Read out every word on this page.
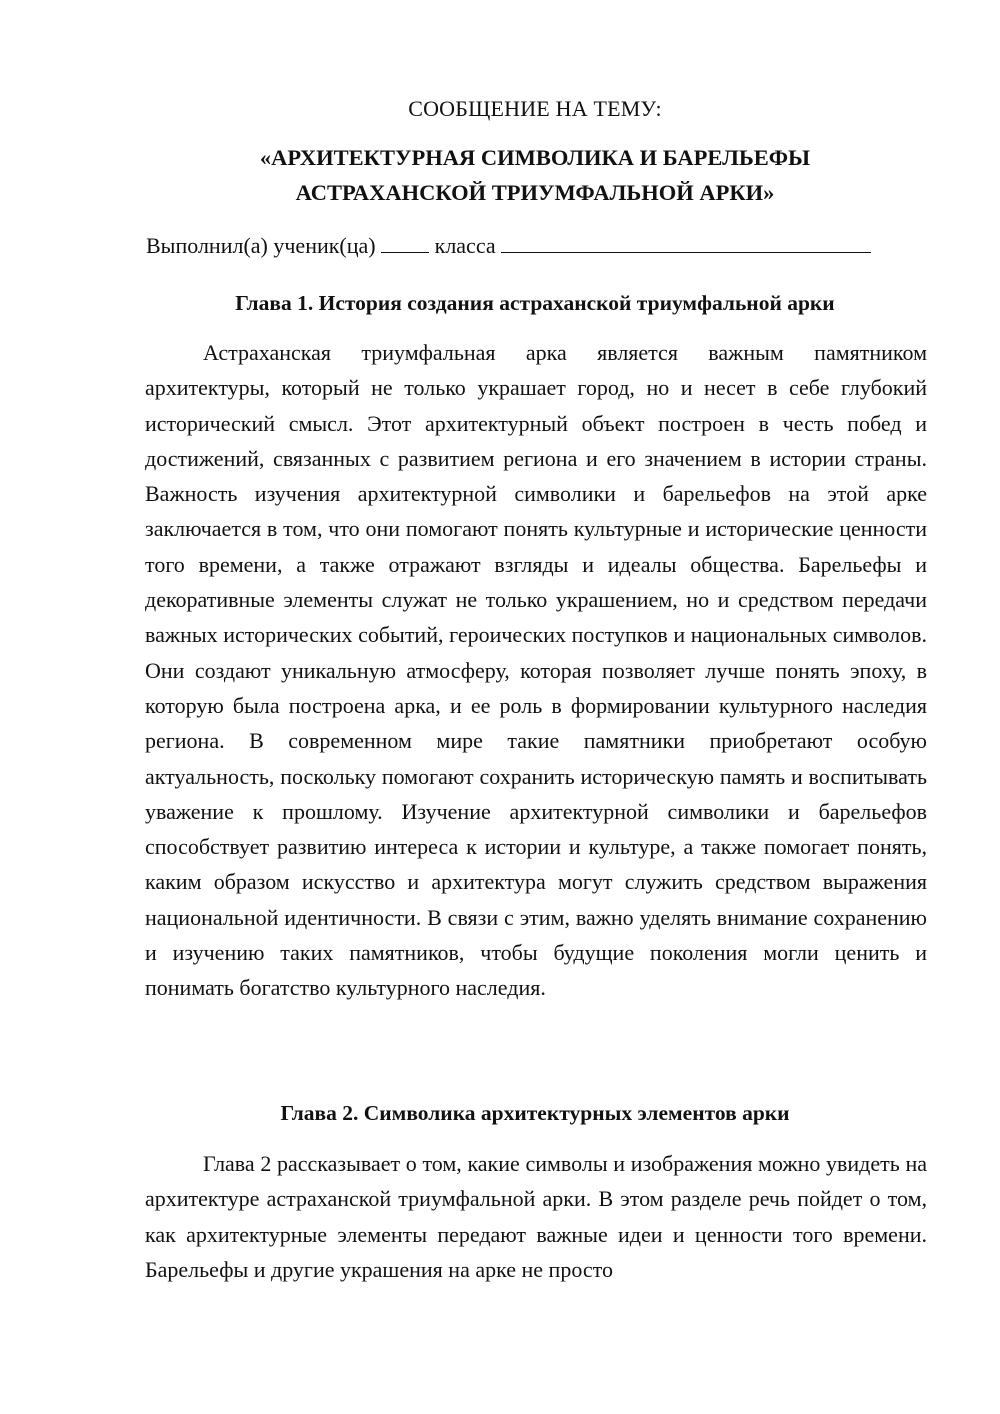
СООБЩЕНИЕ НА ТЕМУ:
«АРХИТЕКТУРНАЯ СИМВОЛИКА И БАРЕЛЬЕФЫ
АСТРАХАНСКОЙ ТРИУМФАЛЬНОЙ АРКИ»
Выполнил(а) ученик(ца)	класса
Глава 1. История создания астраханской триумфальной арки

Астраханская триумфальная арка является важным памятником архитектуры, который не только украшает город, но и несет в себе глубокий исторический смысл. Этот архитектурный объект построен в честь побед и достижений, связанных с развитием региона и его значением в истории страны. Важность изучения архитектурной символики и барельефов на этой арке заключается в том, что они помогают понять культурные и исторические ценности того времени, а также отражают взгляды и идеалы общества. Барельефы и декоративные элементы служат не только украшением, но и средством передачи важных исторических событий, героических поступков и национальных символов. Они создают уникальную атмосферу, которая позволяет лучше понять эпоху, в которую была построена арка, и ее роль в формировании культурного наследия региона. В современном мире такие памятники приобретают особую актуальность, поскольку помогают сохранить историческую память и воспитывать уважение к прошлому. Изучение архитектурной символики и барельефов способствует развитию интереса к истории и культуре, а также помогает понять, каким образом искусство и архитектура могут служить средством выражения национальной идентичности. В связи с этим, важно уделять внимание сохранению и изучению таких памятников, чтобы будущие поколения могли ценить и понимать богатство культурного наследия.

Глава 2. Символика архитектурных элементов арки

Глава 2 рассказывает о том, какие символы и изображения можно увидеть на архитектуре астраханской триумфальной арки. В этом разделе речь пойдет о том, как архитектурные элементы передают важные идеи и ценности того времени. Барельефы и другие украшения на арке не просто
